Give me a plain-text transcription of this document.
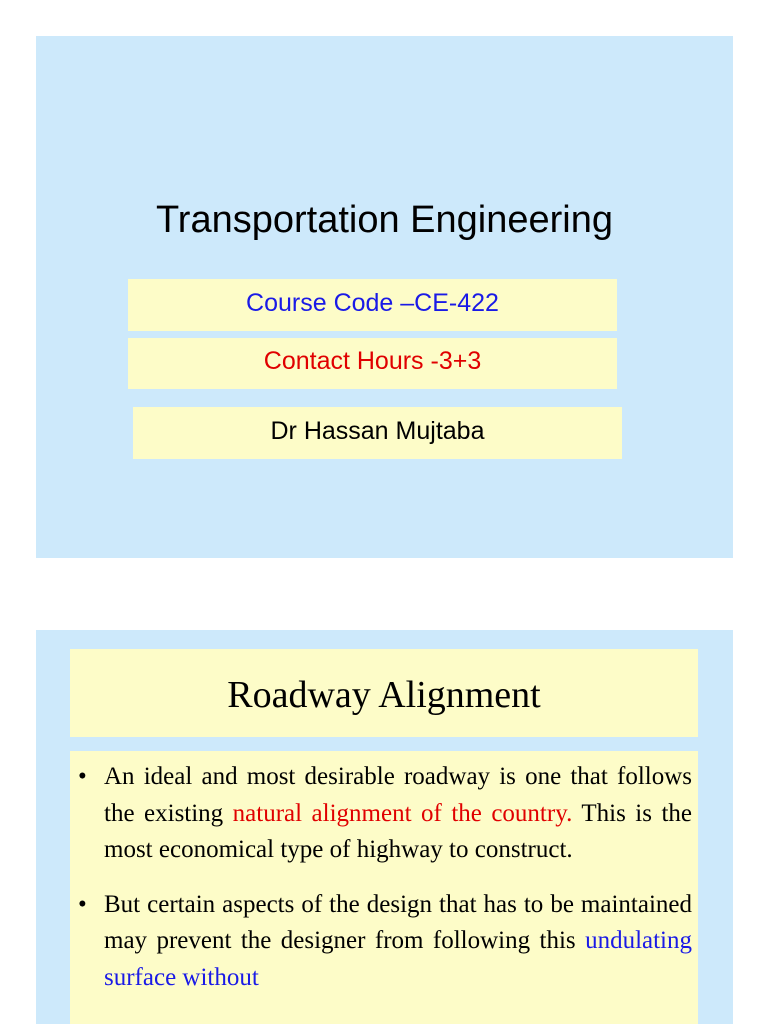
Transportation Engineering
Course Code –CE-422
Contact Hours -3+3
Dr Hassan Mujtaba
Roadway Alignment
• An ideal and most desirable roadway is one that follows the existing natural alignment of the country. This is the most economical type of highway to construct.
• But certain aspects of the design that has to be maintained may prevent the designer from following this undulating surface without
